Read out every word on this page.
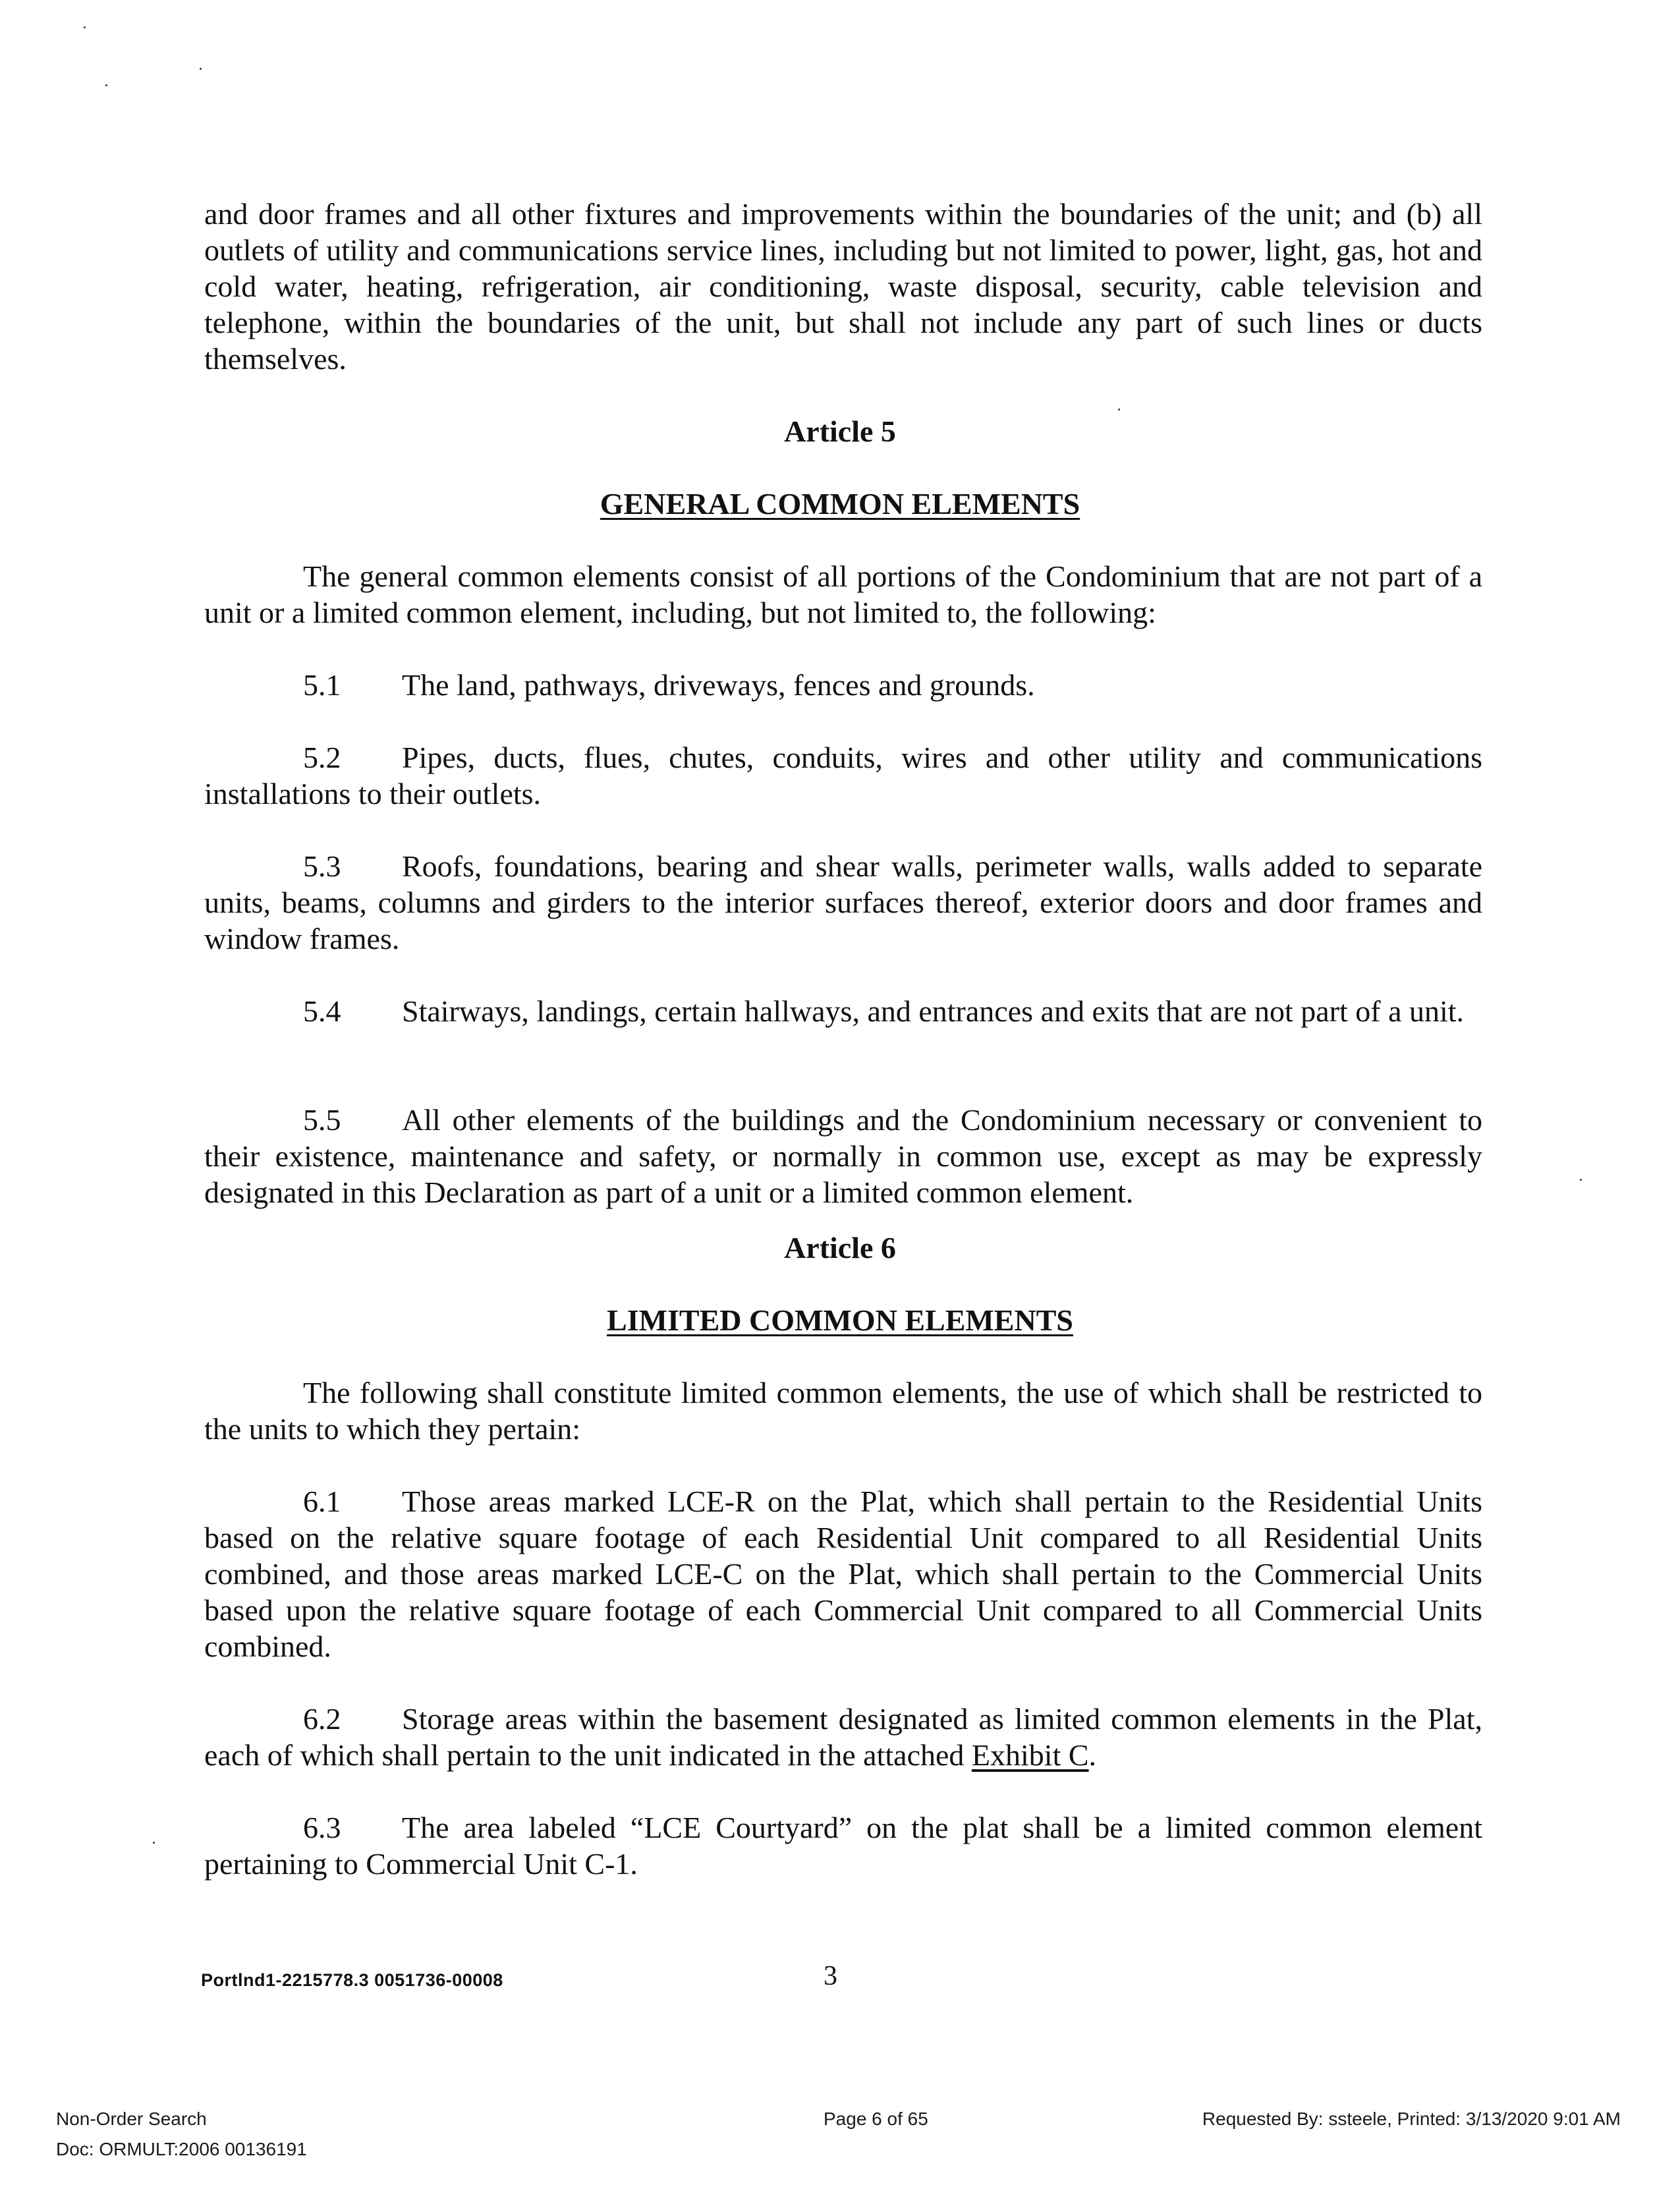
and door frames and all other fixtures and improvements within the boundaries of the unit; and (b) all outlets of utility and communications service lines, including but not limited to power, light, gas, hot and cold water, heating, refrigeration, air conditioning, waste disposal, security, cable television and telephone, within the boundaries of the unit, but shall not include any part of such lines or ducts themselves.

Article 5
GENERAL COMMON ELEMENTS

The general common elements consist of all portions of the Condominium that are not part of a unit or a limited common element, including, but not limited to, the following:

5.1 The land, pathways, driveways, fences and grounds.

5.2 Pipes, ducts, flues, chutes, conduits, wires and other utility and communications installations to their outlets.

5.3 Roofs, foundations, bearing and shear walls, perimeter walls, walls added to separate units, beams, columns and girders to the interior surfaces thereof, exterior doors and door frames and window frames.

5.4 Stairways, landings, certain hallways, and entrances and exits that are not part of a unit.

5.5 All other elements of the buildings and the Condominium necessary or convenient to their existence, maintenance and safety, or normally in common use, except as may be expressly designated in this Declaration as part of a unit or a limited common element.

Article 6
LIMITED COMMON ELEMENTS

The following shall constitute limited common elements, the use of which shall be restricted to the units to which they pertain:

6.1 Those areas marked LCE-R on the Plat, which shall pertain to the Residential Units based on the relative square footage of each Residential Unit compared to all Residential Units combined, and those areas marked LCE-C on the Plat, which shall pertain to the Commercial Units based upon the relative square footage of each Commercial Unit compared to all Commercial Units combined.

6.2 Storage areas within the basement designated as limited common elements in the Plat, each of which shall pertain to the unit indicated in the attached Exhibit C.

6.3 The area labeled “LCE Courtyard” on the plat shall be a limited common element pertaining to Commercial Unit C-1.

Portlnd1-2215778.3 0051736-00008	3
Non-Order Search
Doc: ORMULT:2006 00136191
Page 6 of 65	Requested By: ssteele, Printed: 3/13/2020 9:01 AM
